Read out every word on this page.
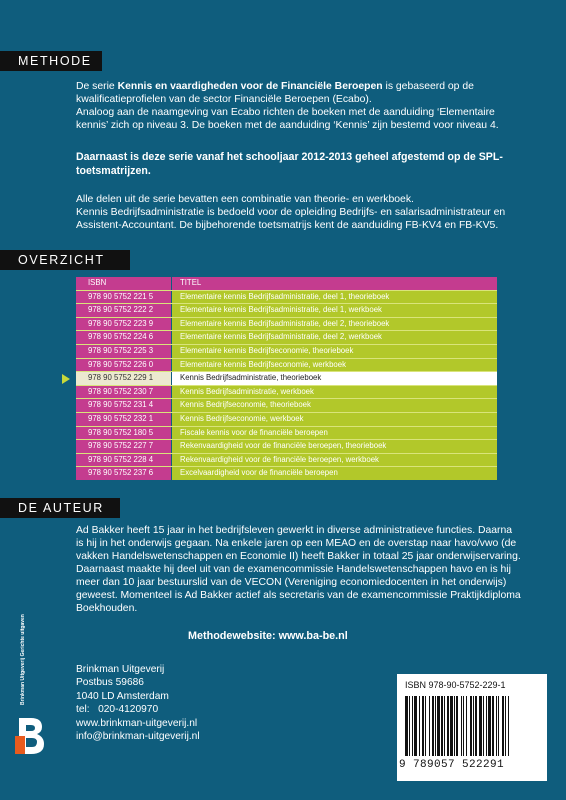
METHODE

De serie Kennis en vaardigheden voor de Financiële Beroepen is gebaseerd op de kwalificatieprofielen van de sector Financiële Beroepen (Ecabo).
Analoog aan de naamgeving van Ecabo richten de boeken met de aanduiding ‘Elementaire kennis’ zich op niveau 3. De boeken met de aanduiding ‘Kennis’ zijn bestemd voor niveau 4.

Daarnaast is deze serie vanaf het schooljaar 2012-2013 geheel afgestemd op de SPL-toetsmatrijzen.

Alle delen uit de serie bevatten een combinatie van theorie- en werkboek.
Kennis Bedrijfsadministratie is bedoeld voor de opleiding Bedrijfs- en salarisadministrateur en Assistent-Accountant. De bijbehorende toetsmatrijs kent de aanduiding FB-KV4 en FB-KV5.

OVERZICHT
ISBN	TITEL
978 90 5752 221 5	Elementaire kennis Bedrijfsadministratie, deel 1, theorieboek
978 90 5752 222 2	Elementaire kennis Bedrijfsadministratie, deel 1, werkboek
978 90 5752 223 9	Elementaire kennis Bedrijfsadministratie, deel 2, theorieboek
978 90 5752 224 6	Elementaire kennis Bedrijfsadministratie, deel 2, werkboek
978 90 5752 225 3	Elementaire kennis Bedrijfseconomie, theorieboek
978 90 5752 226 0	Elementaire kennis Bedrijfseconomie, werkboek
978 90 5752 229 1	Kennis Bedrijfsadministratie, theorieboek
978 90 5752 230 7	Kennis Bedrijfsadministratie, werkboek
978 90 5752 231 4	Kennis Bedrijfseconomie, theorieboek
978 90 5752 232 1	Kennis Bedrijfseconomie, werkboek
978 90 5752 180 5	Fiscale kennis voor de financiële beroepen
978 90 5752 227 7	Rekenvaardigheid voor de financiële beroepen, theorieboek
978 90 5752 228 4	Rekenvaardigheid voor de financiële beroepen, werkboek
978 90 5752 237 6	Excelvaardigheid voor de financiële beroepen
DE AUTEUR

Ad Bakker heeft 15 jaar in het bedrijfsleven gewerkt in diverse administratieve functies. Daarna is hij in het onderwijs gegaan. Na enkele jaren op een MEAO en de overstap naar havo/vwo (de vakken Handelswetenschappen en Economie II) heeft Bakker in totaal 25 jaar onderwijservaring. Daarnaast maakte hij deel uit van de examencommissie Handelswetenschappen havo en is hij meer dan 10 jaar bestuurslid van de VECON (Vereniging economiedocenten in het onderwijs) geweest. Momenteel is Ad Bakker actief als secretaris van de examencommissie Praktijkdiploma Boekhouden.

Methodewebsite: www.ba-be.nl
Brinkman Uitgeverij Gerichte uitgaven	Brinkman Uitgeverij
Postbus 59686
1040 LD Amsterdam
tel:   020-4120970
www.brinkman-uitgeverij.nl
info@brinkman-uitgeverij.nl
ISBN 978-90-5752-229-1
9 789057 522291
